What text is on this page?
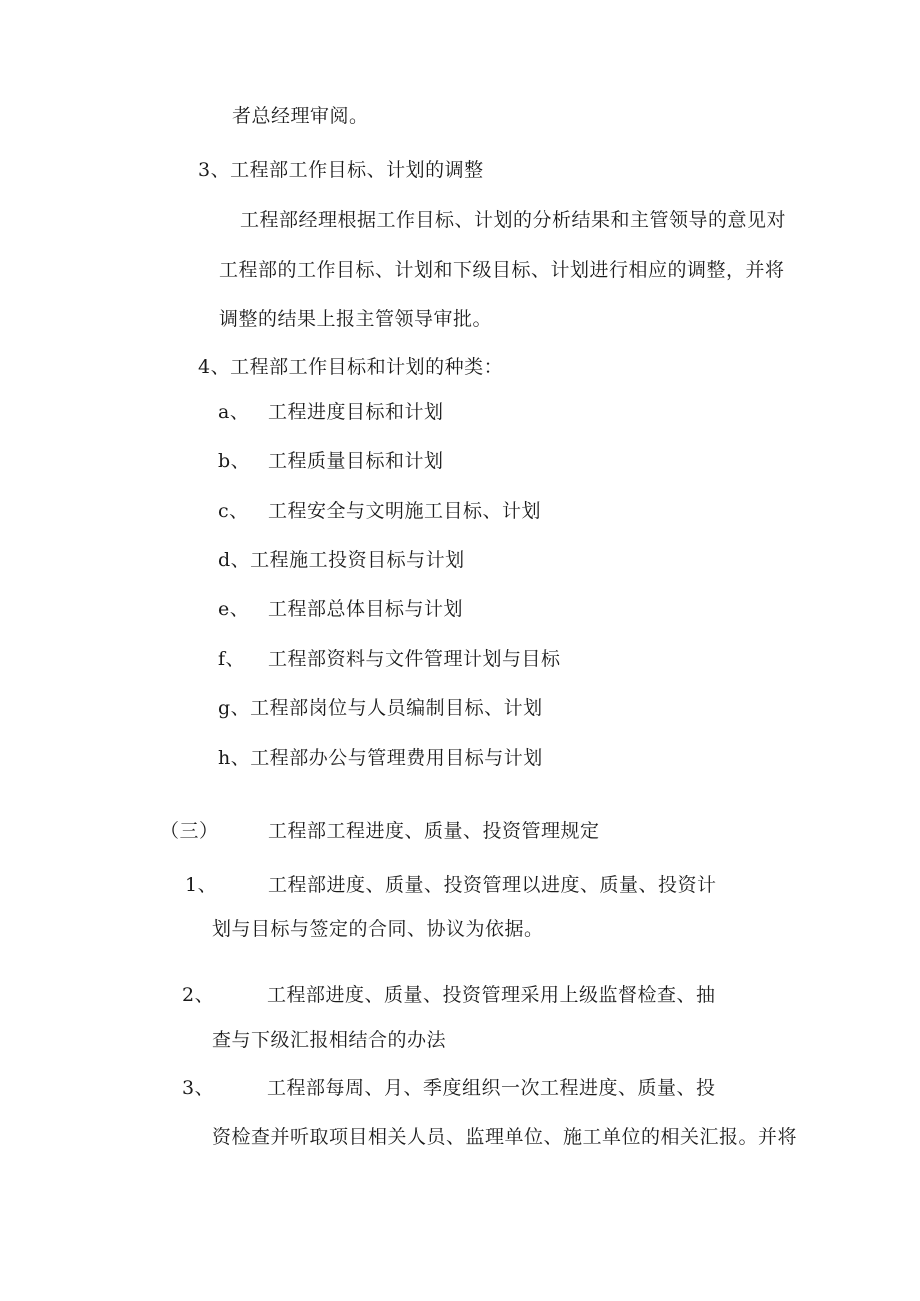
者总经理审阅。
3、工程部工作目标、计划的调整
工程部经理根据工作目标、计划的分析结果和主管领导的意见对
工程部的工作目标、计划和下级目标、计划进行相应的调整，并将
调整的结果上报主管领导审批。
4、工程部工作目标和计划的种类：
a、 工程进度目标和计划
b、 工程质量目标和计划
c、 工程安全与文明施工目标、计划
d、工程施工投资目标与计划
e、 工程部总体目标与计划
f、 工程部资料与文件管理计划与目标
g、工程部岗位与人员编制目标、计划
h、工程部办公与管理费用目标与计划
（三）	工程部工程进度、质量、投资管理规定
1、	工程部进度、质量、投资管理以进度、质量、投资计
划与目标与签定的合同、协议为依据。
2、	工程部进度、质量、投资管理采用上级监督检查、抽
查与下级汇报相结合的办法
3、	工程部每周、月、季度组织一次工程进度、质量、投
资检查并听取项目相关人员、监理单位、施工单位的相关汇报。并将
